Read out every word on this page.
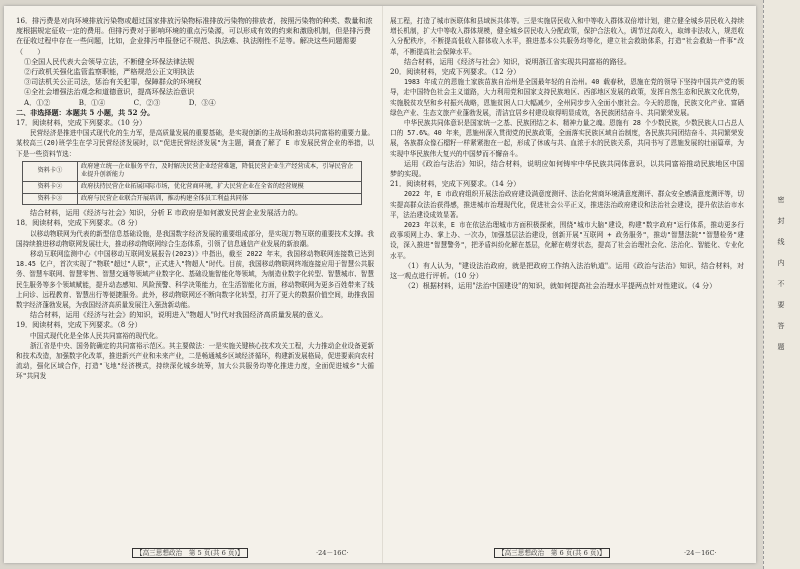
16．排污费是对向环境排放污染物或超过国家排放污染物标准排放污染物的排放者，按照污染物的种类、数量和浓度根据规定征收一定的费用。但排污费对于影响环境的重点污染源，可以形成有效的约束和激励机制，但是排污费在征收过程中存在一些问题，比如，企业排污申报登记不规范、执法难、执法刚性不足等。解决这些问题需要（　　）

①全国人民代表大会领导立法，不断健全环保法律法规

②行政机关强化监管监察职能，严格规范公正文明执法

③司法机关公正司法，惩治有关犯罪，保障群众的环境权

④全社会增强法治观念和道德意识，提高环保法治意识

A．①②　　　　B．①④　　　　C．②③　　　　D．③④

二、非选择题：本题共 5 小题，共 52 分。

17．阅读材料，完成下列要求。（10 分）

民营经济是推进中国式现代化的生力军，是高质量发展的重要基础，是实现创新的主战场和推动共同富裕的重要力量。某校高三(20)班学生在学习民营经济发展时，以"促进民营经济发展"为主题，调查了解了 E 市发展民营企业的举措，以下是一些资料节选：

资料卡①	政府建立统一企业服务平台，及时解决民营企业经营难题，降低民营企业生产经营成本，引导民营企业提升创新能力
资料卡②	政府扶持民营企业拓展国际市场，优化营商环境，扩大民营企业在全省的经营规模
资料卡③	政府与民营企业联合开展培训，推动构建全体员工利益共同体

结合材料，运用《经济与社会》知识，分析 E 市政府是如何激发民营企业发展活力的。

18．阅读材料，完成下列要求。（8 分）

以移动物联网为代表的新型信息基础设施，是我国数字经济发展的重要组成部分，是实现万物互联的重要技术支撑。我国持续推进移动物联网发展壮大，推动移动物联网综合生态体系，引领了信息通信产业发展的新浪潮。

移动互联网监测中心《中国移动互联网发展报告(2023)》中指出，截至 2022 年末，我国移动物联网连接数已达到 18.45 亿户，首次实现了"物联"超过"人联"，正式进入"物超人"时代。目前，我国移动物联网终端连接应用于智慧公共服务、智慧车联网、智慧零售、智慧交通等领域产业数字化、基础设施智能化等领域，为制造业数字化转型、智慧城市、智慧民生服务等多个领域赋能，提升动态感知、风险预警、科学决策能力，在生活智能化方面，移动物联网为更多百姓带来了线上问诊、远程教育、智慧出行等便捷服务。此外，移动物联网还不断向数字化转型，打开了更大的数据价值空间，助推我国数字经济蓬勃发展，为我国经济高质量发展注入强劲新动能。

结合材料，运用《经济与社会》的知识，说明进入"物超人"时代对我国经济高质量发展的意义。

19．阅读材料，完成下列要求。（8 分）

中国式现代化是全体人民共同富裕的现代化。

浙江省是中央、国务院确定的共同富裕示范区。其主要做法：一是实施关键核心技术攻关工程，大力推动企业设备更新和技术改造，加强数字化改革，推进新兴产业和未来产业，二是畅通城乡区域经济循环，构建新发展格局，促进要素向农村流动，强化区域合作，打造"飞地"经济模式，持续深化城乡统筹，加大公共服务均等化推进力度，全面促进城乡"大循环"共同发

展工程，打造了城市医联体和县域医共体等。三是实施居民收入和中等收入群体双倍增计划，建立健全城乡居民收入持续增长机制，扩大中等收入群体规模，健全城乡居民收入分配政策，保护合法收入，调节过高收入，取缔非法收入，规范收入分配秩序，不断提高低收入群体收入水平，推进基本公共服务均等化，建立社会救助体系，打造"社会救助一件事"改革，不断提高社会保障水平。

结合材料，运用《经济与社会》知识，说明浙江省实现共同富裕的路径。

20．阅读材料，完成下列要求。（12 分）

1983 年成立的恩施土家族苗族自治州是全国最年轻的自治州。40 载春秋，恩施在党的领导下坚持中国共产党的领导，走中国特色社会主义道路，大力利用党和国家支持民族地区、西部地区发展的政策，发挥自然生态和民族文化优势，实施脱贫攻坚和乡村振兴战略，恩施贫困人口大幅减少，全州同步步入全面小康社会。今天的恩施，民族文化产业、富硒绿色产业、生态文旅产业蓬勃发展，清洁宜居乡村建设取得明显成效，各民族团结奋斗、共同繁荣发展。

中华民族共同体意识是国家统一之基、民族团结之本、精神力量之魂。恩施有 28 个少数民族，少数民族人口占总人口的 57.6%。40 年来，恩施州深入贯彻党的民族政策，全面落实民族区域自治制度，各民族共同团结奋斗、共同繁荣发展，各族群众像石榴籽一样紧紧抱在一起，形成了休戚与共、血浓于水的民族关系，共同书写了恩施发展的壮丽篇章，为实现中华民族伟大复兴的中国梦而不懈奋斗。

运用《政治与法治》知识，结合材料，说明应如何铸牢中华民族共同体意识，以共同富裕推动民族地区中国梦的实现。

21．阅读材料，完成下列要求。（14 分）

2022 年，E 市政府组织开展法治政府建设满意度测评、法治化营商环境满意度测评、群众安全感满意度测评等，切实提高群众法治获得感，推进城市治理现代化，促进社会公平正义，推进法治政府建设和法治社会建设，提升依法治市水平，法治建设成效显著。

2023 年以来，E 市在依法治理城市方面积极探索，围绕"城市大脑"建设，构建"数字政府"运行体系，推动更多行政事项网上办、掌上办、一次办，加强基层法治建设，创新开展"互联网 + 政务服务"，推动"智慧法院""智慧检务"建设，深入推进"智慧警务"，把矛盾纠纷化解在基层，化解在萌芽状态，提高了社会治理社会化、法治化、智能化、专业化水平。

（1）有人认为，"建设法治政府，就是把政府工作纳入法治轨道"。运用《政治与法治》知识，结合材料，对这一观点进行评析。（10 分）

（2）根据材料，运用"法治中国建设"的知识，就如何提高社会治理水平提两点针对性建议。（4 分）

【高三思想政治　第 5 页(共 6 页)】	·24－16C·	【高三思想政治　第 6 页(共 6 页)】	·24－16C·
密封线内不要答题
